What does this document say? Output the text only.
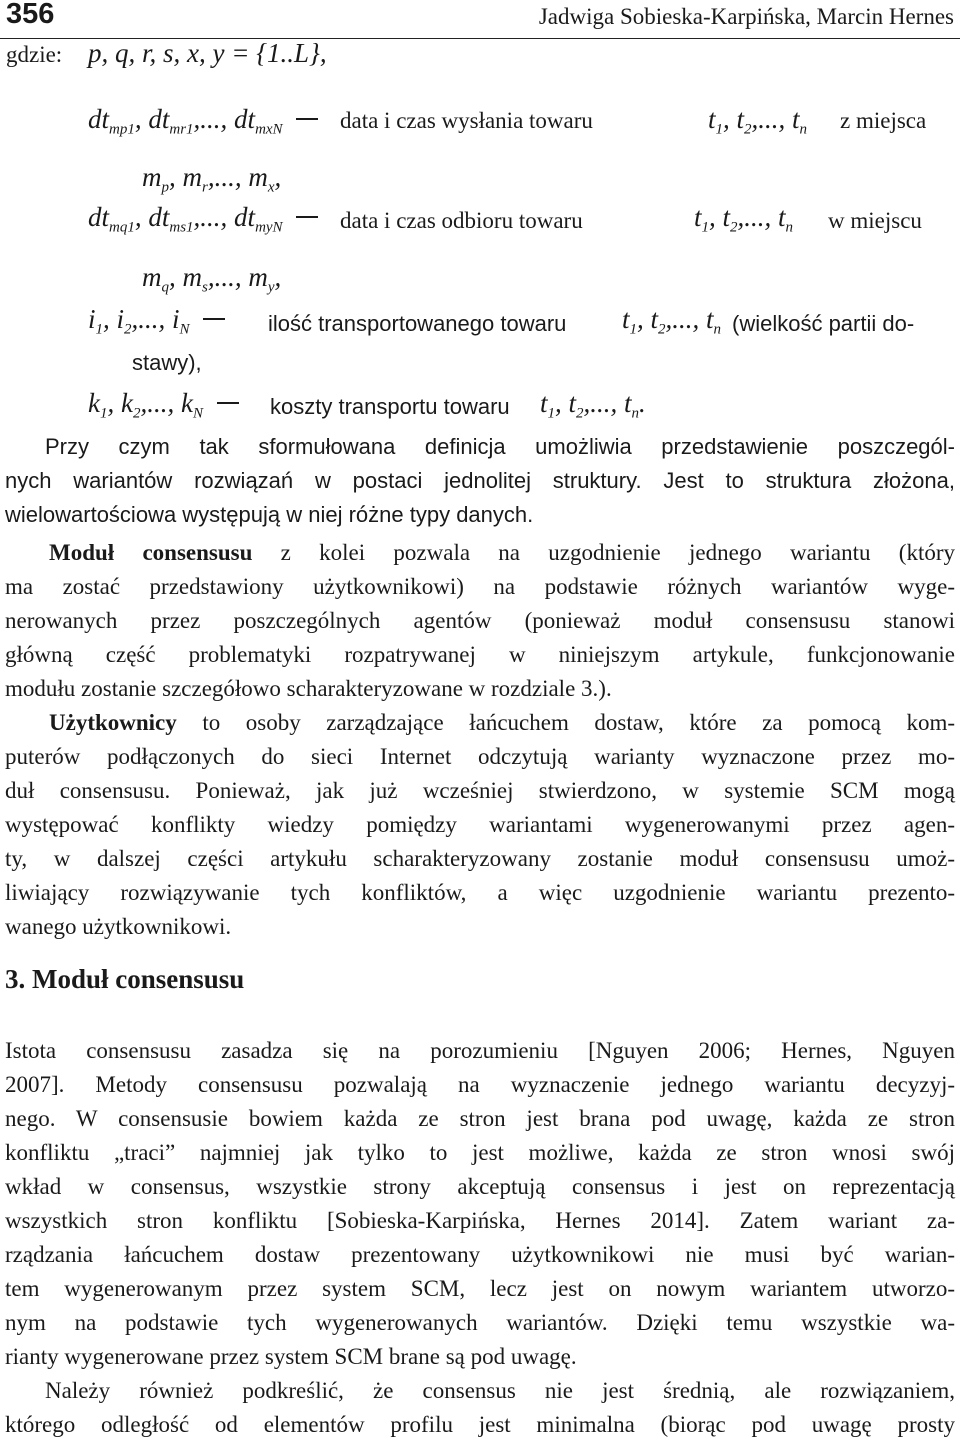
356	Jadwiga Sobieska-Karpińska, Marcin Hernes
gdzie: p, q, r, s, x, y = {1..L},
$dt_{mp1}$, $dt_{mr1}$,..., $dt_{mxN}$	data i czas wysłania towaru	$t_1$, $t_2$,..., $t_n$ z miejsca
$m_p$, $m_r$,..., $m_x$,
$dt_{mq1}$, $dt_{ms1}$,..., $dt_{myN}$	data i czas odbioru towaru	$t_1$, $t_2$,..., $t_n$ w miejscu
$m_q$, $m_s$,..., $m_y$,
$i_1$, $i_2$,..., $i_N$	ilość transportowanego towaru $t_1$, $t_2$,..., $t_n$ (wielkość partii do-
stawy),
$k_1$, $k_2$,..., $k_N$	koszty transportu towaru $t_1$, $t_2$,..., $t_n$.
Przy czym tak sformułowana definicja umożliwia przedstawienie poszczegól-
nych wariantów rozwiązań w postaci jednolitej struktury. Jest to struktura złożona,
wielowartościowa występują w niej różne typy danych.
Moduł consensusu z kolei pozwala na uzgodnienie jednego wariantu (który
ma zostać przedstawiony użytkownikowi) na podstawie różnych wariantów wyge-
nerowanych przez poszczególnych agentów (ponieważ moduł consensusu stanowi
główną część problematyki rozpatrywanej w niniejszym artykule, funkcjonowanie
modułu zostanie szczegółowo scharakteryzowane w rozdziale 3.).
Użytkownicy to osoby zarządzające łańcuchem dostaw, które za pomocą kom-
puterów podłączonych do sieci Internet odczytują warianty wyznaczone przez mo-
duł consensusu. Ponieważ, jak już wcześniej stwierdzono, w systemie SCM mogą
występować konflikty wiedzy pomiędzy wariantami wygenerowanymi przez agen-
ty, w dalszej części artykułu scharakteryzowany zostanie moduł consensusu umoż-
liwiający rozwiązywanie tych konfliktów, a więc uzgodnienie wariantu prezento-
wanego użytkownikowi.
3. Moduł consensusu
Istota consensusu zasadza się na porozumieniu [Nguyen 2006; Hernes, Nguyen
2007]. Metody consensusu pozwalają na wyznaczenie jednego wariantu decyzyj-
nego. W consensusie bowiem każda ze stron jest brana pod uwagę, każda ze stron
konfliktu „traci” najmniej jak tylko to jest możliwe, każda ze stron wnosi swój
wkład w consensus, wszystkie strony akceptują consensus i jest on reprezentacją
wszystkich stron konfliktu [Sobieska-Karpińska, Hernes 2014]. Zatem wariant za-
rządzania łańcuchem dostaw prezentowany użytkownikowi nie musi być warian-
tem wygenerowanym przez system SCM, lecz jest on nowym wariantem utworzo-
nym na podstawie tych wygenerowanych wariantów. Dzięki temu wszystkie wa-
rianty wygenerowane przez system SCM brane są pod uwagę.
Należy również podkreślić, że consensus nie jest średnią, ale rozwiązaniem,
którego odległość od elementów profilu jest minimalna (biorąc pod uwagę prosty
